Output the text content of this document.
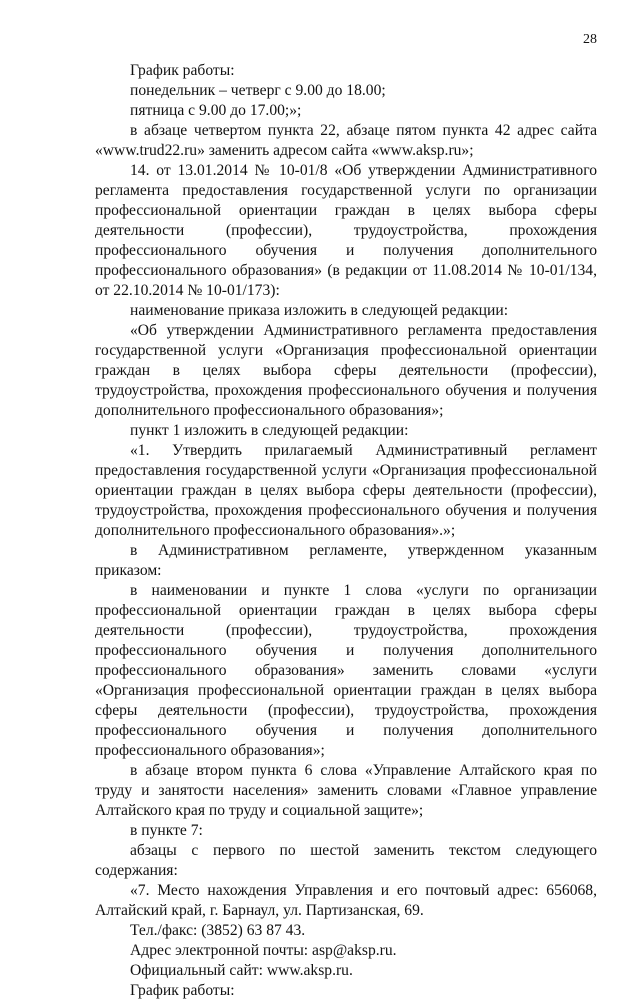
28

График работы:

понедельник – четверг с 9.00 до 18.00;

пятница с 9.00 до 17.00;»;

в абзаце четвертом пункта 22, абзаце пятом пункта 42 адрес сайта «www.trud22.ru» заменить адресом сайта «www.aksp.ru»;

14. от 13.01.2014 № 10-01/8 «Об утверждении Административного регламента предоставления государственной услуги по организации профессиональной ориентации граждан в целях выбора сферы деятельности (профессии), трудоустройства, прохождения профессионального обучения и получения дополнительного профессионального образования» (в редакции от 11.08.2014 № 10-01/134, от 22.10.2014 № 10-01/173):

наименование приказа изложить в следующей редакции:

«Об утверждении Административного регламента предоставления государственной услуги «Организация профессиональной ориентации граждан в целях выбора сферы деятельности (профессии), трудоустройства, прохождения профессионального обучения и получения дополнительного профессионального образования»;

пункт 1 изложить в следующей редакции:

«1. Утвердить прилагаемый Административный регламент предоставления государственной услуги «Организация профессиональной ориентации граждан в целях выбора сферы деятельности (профессии), трудоустройства, прохождения профессионального обучения и получения дополнительного профессионального образования».»;

в Административном регламенте, утвержденном указанным приказом:

в наименовании и пункте 1 слова «услуги по организации профессиональной ориентации граждан в целях выбора сферы деятельности (профессии), трудоустройства, прохождения профессионального обучения и получения дополнительного профессионального образования» заменить словами «услуги «Организация профессиональной ориентации граждан в целях выбора сферы деятельности (профессии), трудоустройства, прохождения профессионального обучения и получения дополнительного профессионального образования»;

в абзаце втором пункта 6 слова «Управление Алтайского края по труду и занятости населения» заменить словами «Главное управление Алтайского края по труду и социальной защите»;

в пункте 7:

абзацы с первого по шестой заменить текстом следующего содержания:

«7. Место нахождения Управления и его почтовый адрес: 656068, Алтайский край, г. Барнаул, ул. Партизанская, 69.

Тел./факс: (3852) 63 87 43.

Адрес электронной почты: asp@aksp.ru.

Официальный сайт: www.aksp.ru.

График работы:
